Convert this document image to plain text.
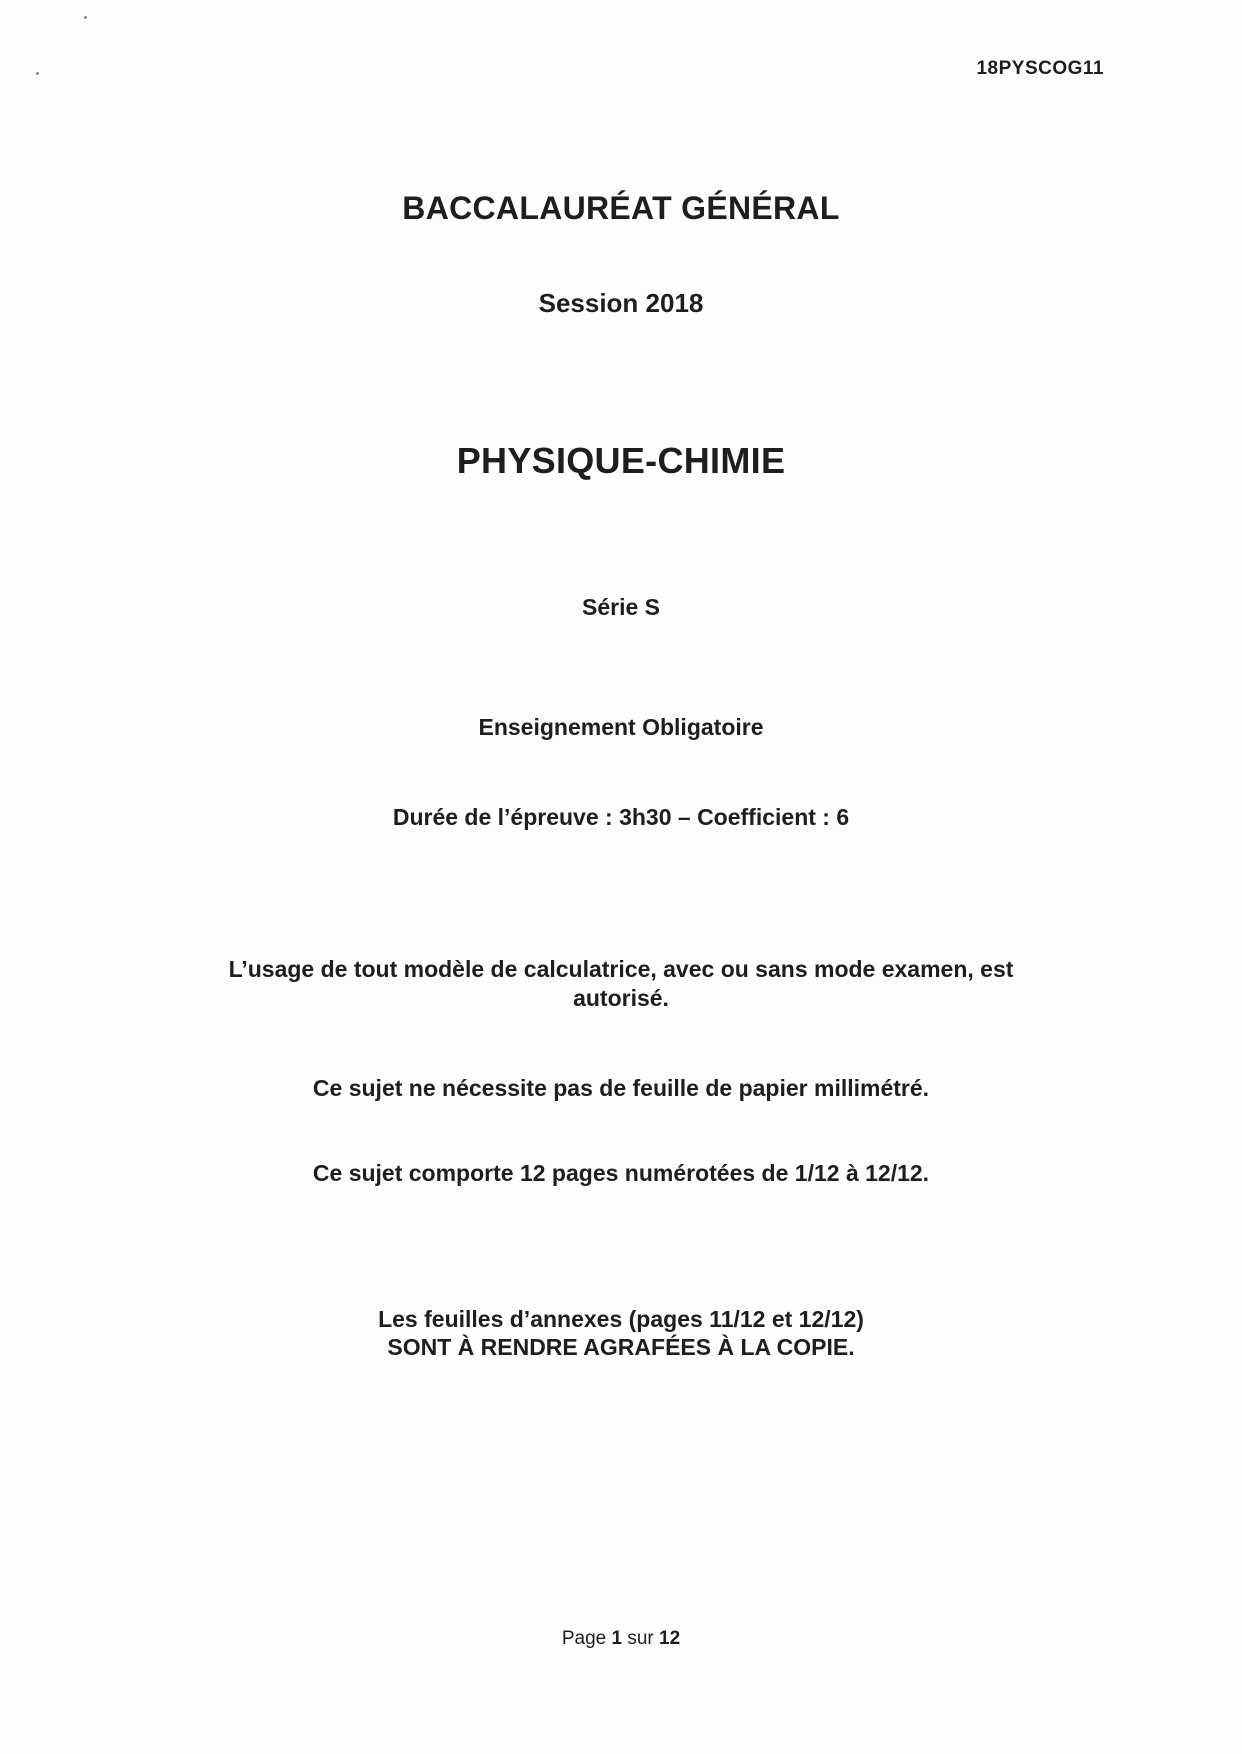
18PYSCOG11
BACCALAURÉAT GÉNÉRAL
Session 2018
PHYSIQUE-CHIMIE
Série S
Enseignement Obligatoire
Durée de l’épreuve : 3h30 – Coefficient : 6
L’usage de tout modèle de calculatrice, avec ou sans mode examen, est
autorisé.
Ce sujet ne nécessite pas de feuille de papier millimétré.
Ce sujet comporte 12 pages numérotées de 1/12 à 12/12.
Les feuilles d’annexes (pages 11/12 et 12/12)
SONT À RENDRE AGRAFÉES À LA COPIE.
Page 1 sur 12
